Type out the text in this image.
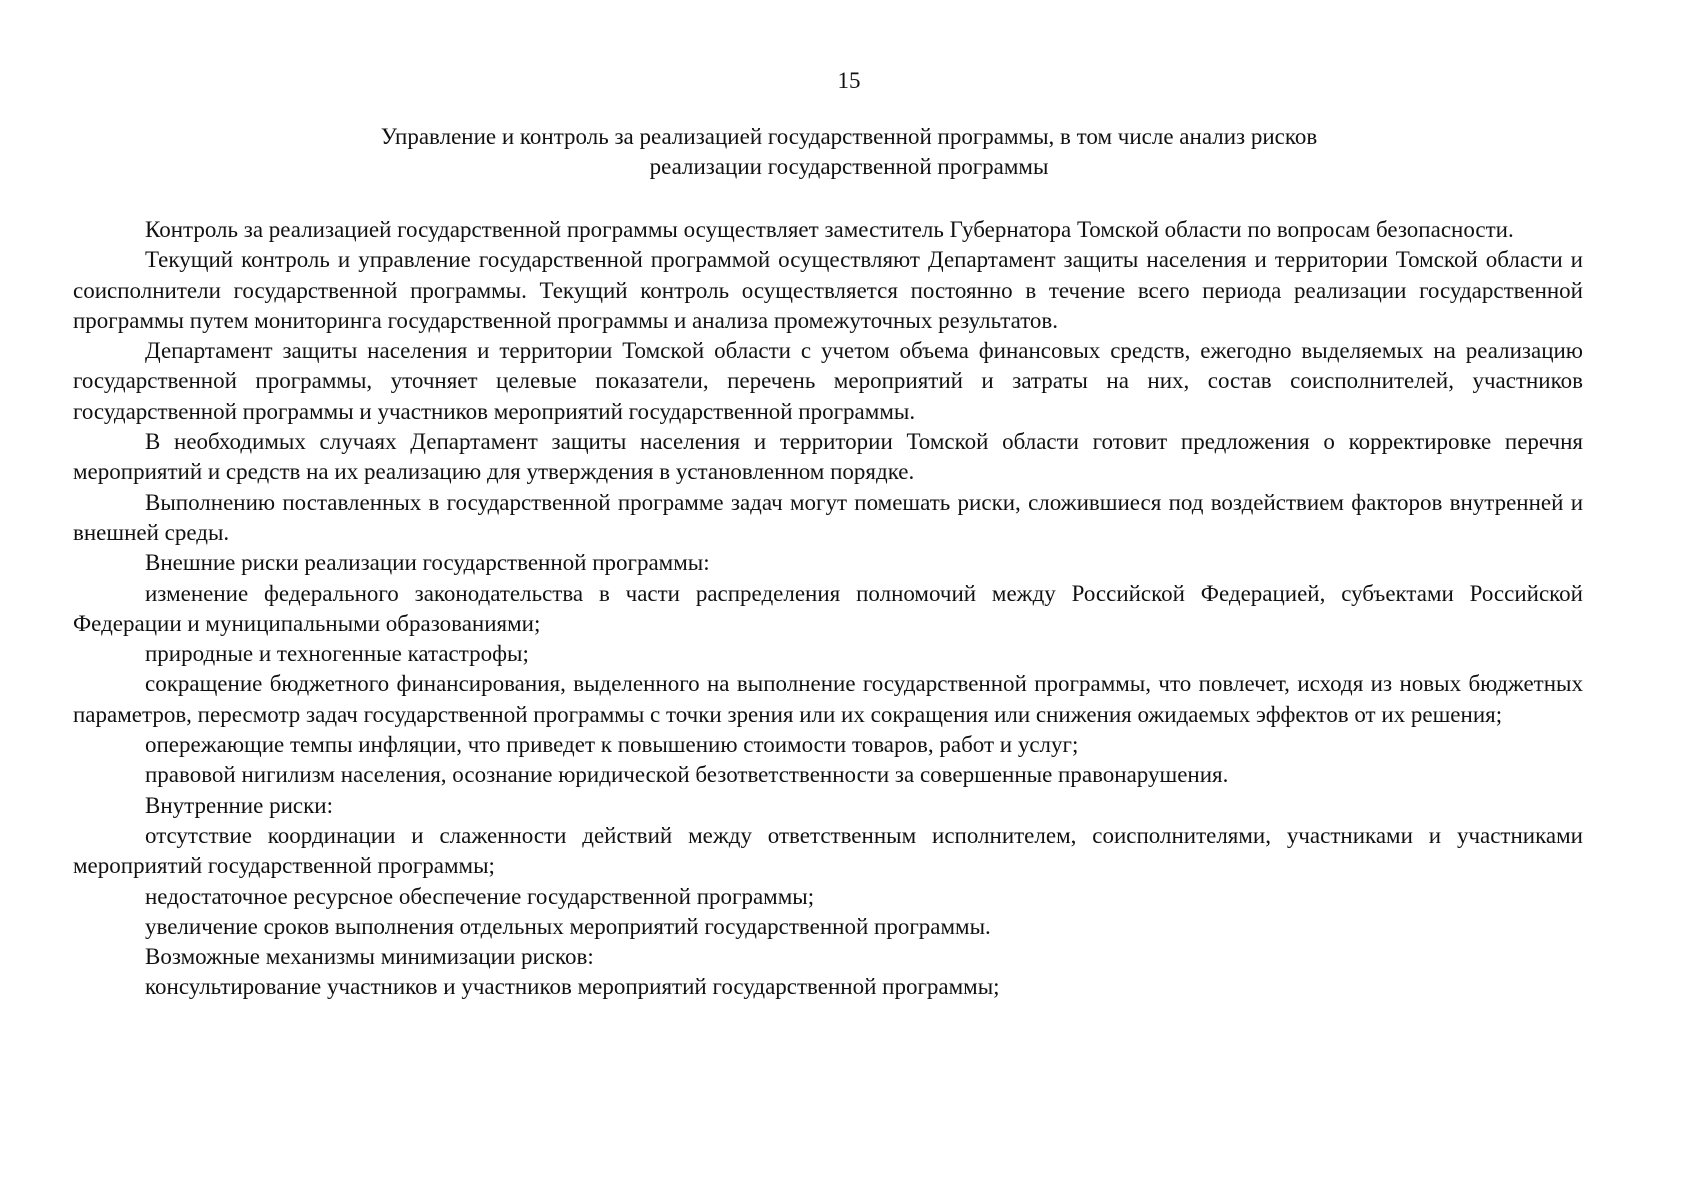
15
Управление и контроль за реализацией государственной программы, в том числе анализ рисков
реализации государственной программы

Контроль за реализацией государственной программы осуществляет заместитель Губернатора Томской области по вопросам безопасности.

Текущий контроль и управление государственной программой осуществляют Департамент защиты населения и территории Томской области и соисполнители государственной программы. Текущий контроль осуществляется постоянно в течение всего периода реализации государственной программы путем мониторинга государственной программы и анализа промежуточных результатов.

Департамент защиты населения и территории Томской области с учетом объема финансовых средств, ежегодно выделяемых на реализацию государственной программы, уточняет целевые показатели, перечень мероприятий и затраты на них, состав соисполнителей, участников государственной программы и участников мероприятий государственной программы.

В необходимых случаях Департамент защиты населения и территории Томской области готовит предложения о корректировке перечня мероприятий и средств на их реализацию для утверждения в установленном порядке.

Выполнению поставленных в государственной программе задач могут помешать риски, сложившиеся под воздействием факторов внутренней и внешней среды.

Внешние риски реализации государственной программы:

изменение федерального законодательства в части распределения полномочий между Российской Федерацией, субъектами Российской Федерации и муниципальными образованиями;

природные и техногенные катастрофы;

сокращение бюджетного финансирования, выделенного на выполнение государственной программы, что повлечет, исходя из новых бюджетных параметров, пересмотр задач государственной программы с точки зрения или их сокращения или снижения ожидаемых эффектов от их решения;

опережающие темпы инфляции, что приведет к повышению стоимости товаров, работ и услуг;

правовой нигилизм населения, осознание юридической безответственности за совершенные правонарушения.

Внутренние риски:

отсутствие координации и слаженности действий между ответственным исполнителем, соисполнителями, участниками и участниками мероприятий государственной программы;

недостаточное ресурсное обеспечение государственной программы;

увеличение сроков выполнения отдельных мероприятий государственной программы.

Возможные механизмы минимизации рисков:

консультирование участников и участников мероприятий государственной программы;
